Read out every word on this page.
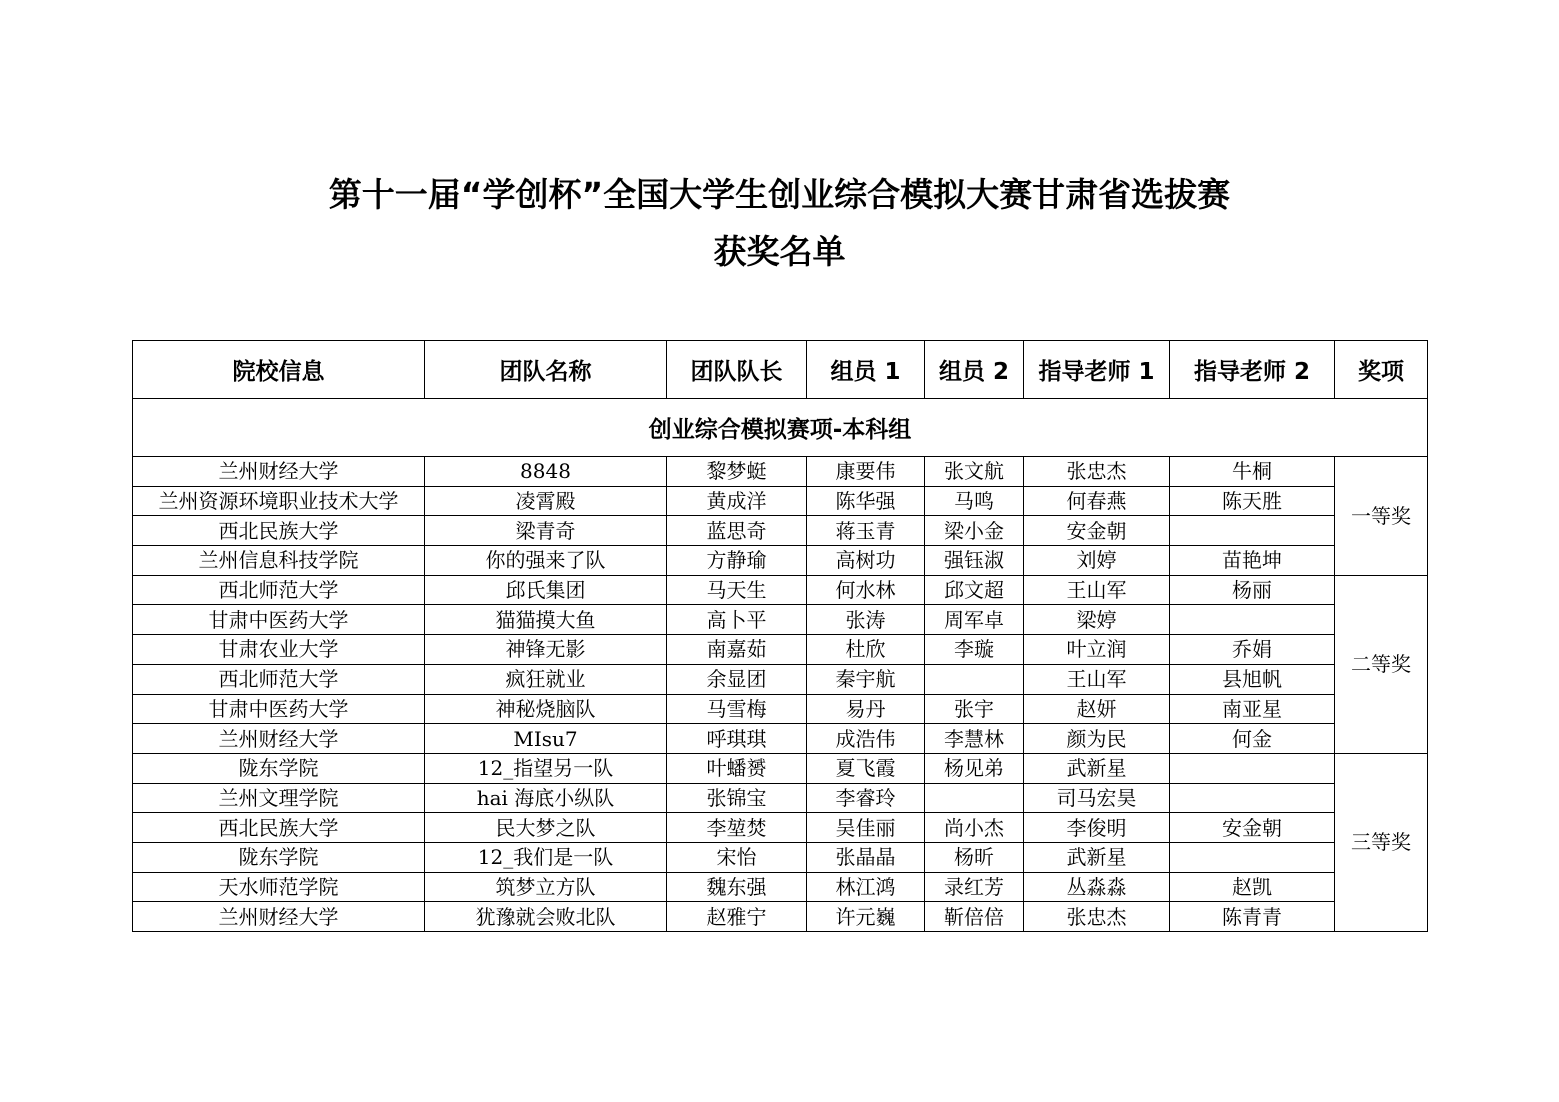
第十一届“学创杯”全国大学生创业综合模拟大赛甘肃省选拔赛
获奖名单
院校信息	团队名称	团队队长	组员 1	组员 2	指导老师 1	指导老师 2	奖项
创业综合模拟赛项-本科组							
兰州财经大学	8848	黎梦蜓	康要伟	张文航	张忠杰	牛桐	一等奖
兰州资源环境职业技术大学	凌霄殿	黄成洋	陈华强	马鸣	何春燕	陈天胜	
西北民族大学	梁青奇	蓝思奇	蒋玉青	梁小金	安金朝		
兰州信息科技学院	你的强来了队	方静瑜	高树功	强钰淑	刘婷	苗艳坤	
西北师范大学	邱氏集团	马天生	何水林	邱文超	王山军	杨丽	二等奖
甘肃中医药大学	猫猫摸大鱼	高卜平	张涛	周军卓	梁婷		
甘肃农业大学	神锋无影	南嘉茹	杜欣	李璇	叶立润	乔娟	
西北师范大学	疯狂就业	余显团	秦宇航		王山军	县旭帆	
甘肃中医药大学	神秘烧脑队	马雪梅	易丹	张宇	赵妍	南亚星	
兰州财经大学	MIsu7	呼琪琪	成浩伟	李慧林	颜为民	何金	
陇东学院	12_指望另一队	叶蟠赟	夏飞霞	杨见弟	武新星		三等奖
兰州文理学院	hai 海底小纵队	张锦宝	李睿玲		司马宏昊		
西北民族大学	民大梦之队	李堃焚	吴佳丽	尚小杰	李俊明	安金朝	
陇东学院	12_我们是一队	宋怡	张晶晶	杨昕	武新星		
天水师范学院	筑梦立方队	魏东强	林江鸿	录红芳	丛淼淼	赵凯	
兰州财经大学	犹豫就会败北队	赵雅宁	许元巍	靳倍倍	张忠杰	陈青青	
